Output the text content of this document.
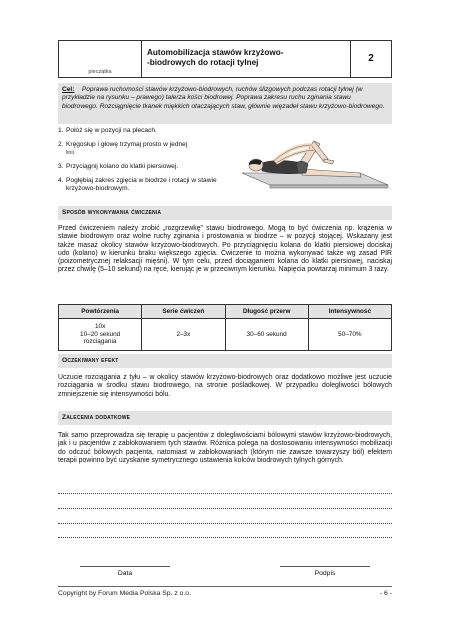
pieczątka
Automobilizacja stawów krzyżowo-
-biodrowych do rotacji tylnej	2
Cel: Poprawa ruchomości stawów krzyżowo-biodrowych, ruchów ślizgowych podczas rotacji tylnej (w przykładzie na rysunku – prawego) talerza kości biodrowej. Poprawa zakresu ruchu zginania stawu biodrowego. Rozciągnięcie tkanek miękkich otaczających staw, głównie więzadeł stawu krzyżowo-biodrowego.
1. Połóż się w pozycji na plecach.
2. Kręgosłup i głowę trzymaj prosto w jednej
linii.
3. Przyciągnij kolano do klatki piersiowej.
4. Pogłębiaj zakres zgięcia w biodrze i rotacji w stawie krzyżowo-biodrowym.
Sposób wykonywania ćwiczenia
Przed ćwiczeniem należy zrobić „rozgrzewkę” stawu biodrowego. Mogą to być ćwiczenia np. krążenia w stawie biodrowym oraz wolne ruchy zginania i prostowania w biodrze – w pozycji stojącej. Wskazany jest także masaż okolicy stawów krzyżowo-biodrowych. Po przyciągnięciu kolana do klatki piersiowej dociskaj udo (kolano) w kierunku braku większego zgięcia. Ćwiczenie to można wykonywać także wg zasad PIR (poizometrycznej relaksacji mięśni). W tym celu, przed dociąganiem kolana do klatki piersiowej, naciskaj przez chwilę (5–10 sekund) na ręce, kierując je w przeciwnym kierunku. Napięcia powtarzaj minimum 3 razy.
Powtórzenia	Serie ćwiczeń	Długość przerw	Intensywność

10x
10–20 sekund
rozciągania	2–3x	30–60 sekund	50–70%
Oczekiwany efekt
Uczucie rozciągania z tyłu – w okolicy stawów krzyżowo-biodrowych oraz dodatkowo możliwe jest uczucie rozciągania w środku stawu biodrowego, na stronie pośladkowej. W przypadku dolegliwości bólowych zmniejszenie się intensywności bólu.
Zalecenia dodatkowe
Tak samo przeprowadza się terapię u pacjentów z dolegliwościami bólowymi stawów krzyżowo-biodrowych, jak i u pacjentów z zablokowaniem tych stawów. Różnica polega na dostosowaniu intensywności mobilizacji do odczuć bólowych pacjenta, natomiast w zablokowaniach (którym nie zawsze towarzyszy ból) efektem terapii powinno być uzyskanie symetrycznego ustawienia kolców biodrowych tylnych górnych.
Data	Podpis
Copyright by Forum Media Polska Sp. z o.o.	- 6 -
